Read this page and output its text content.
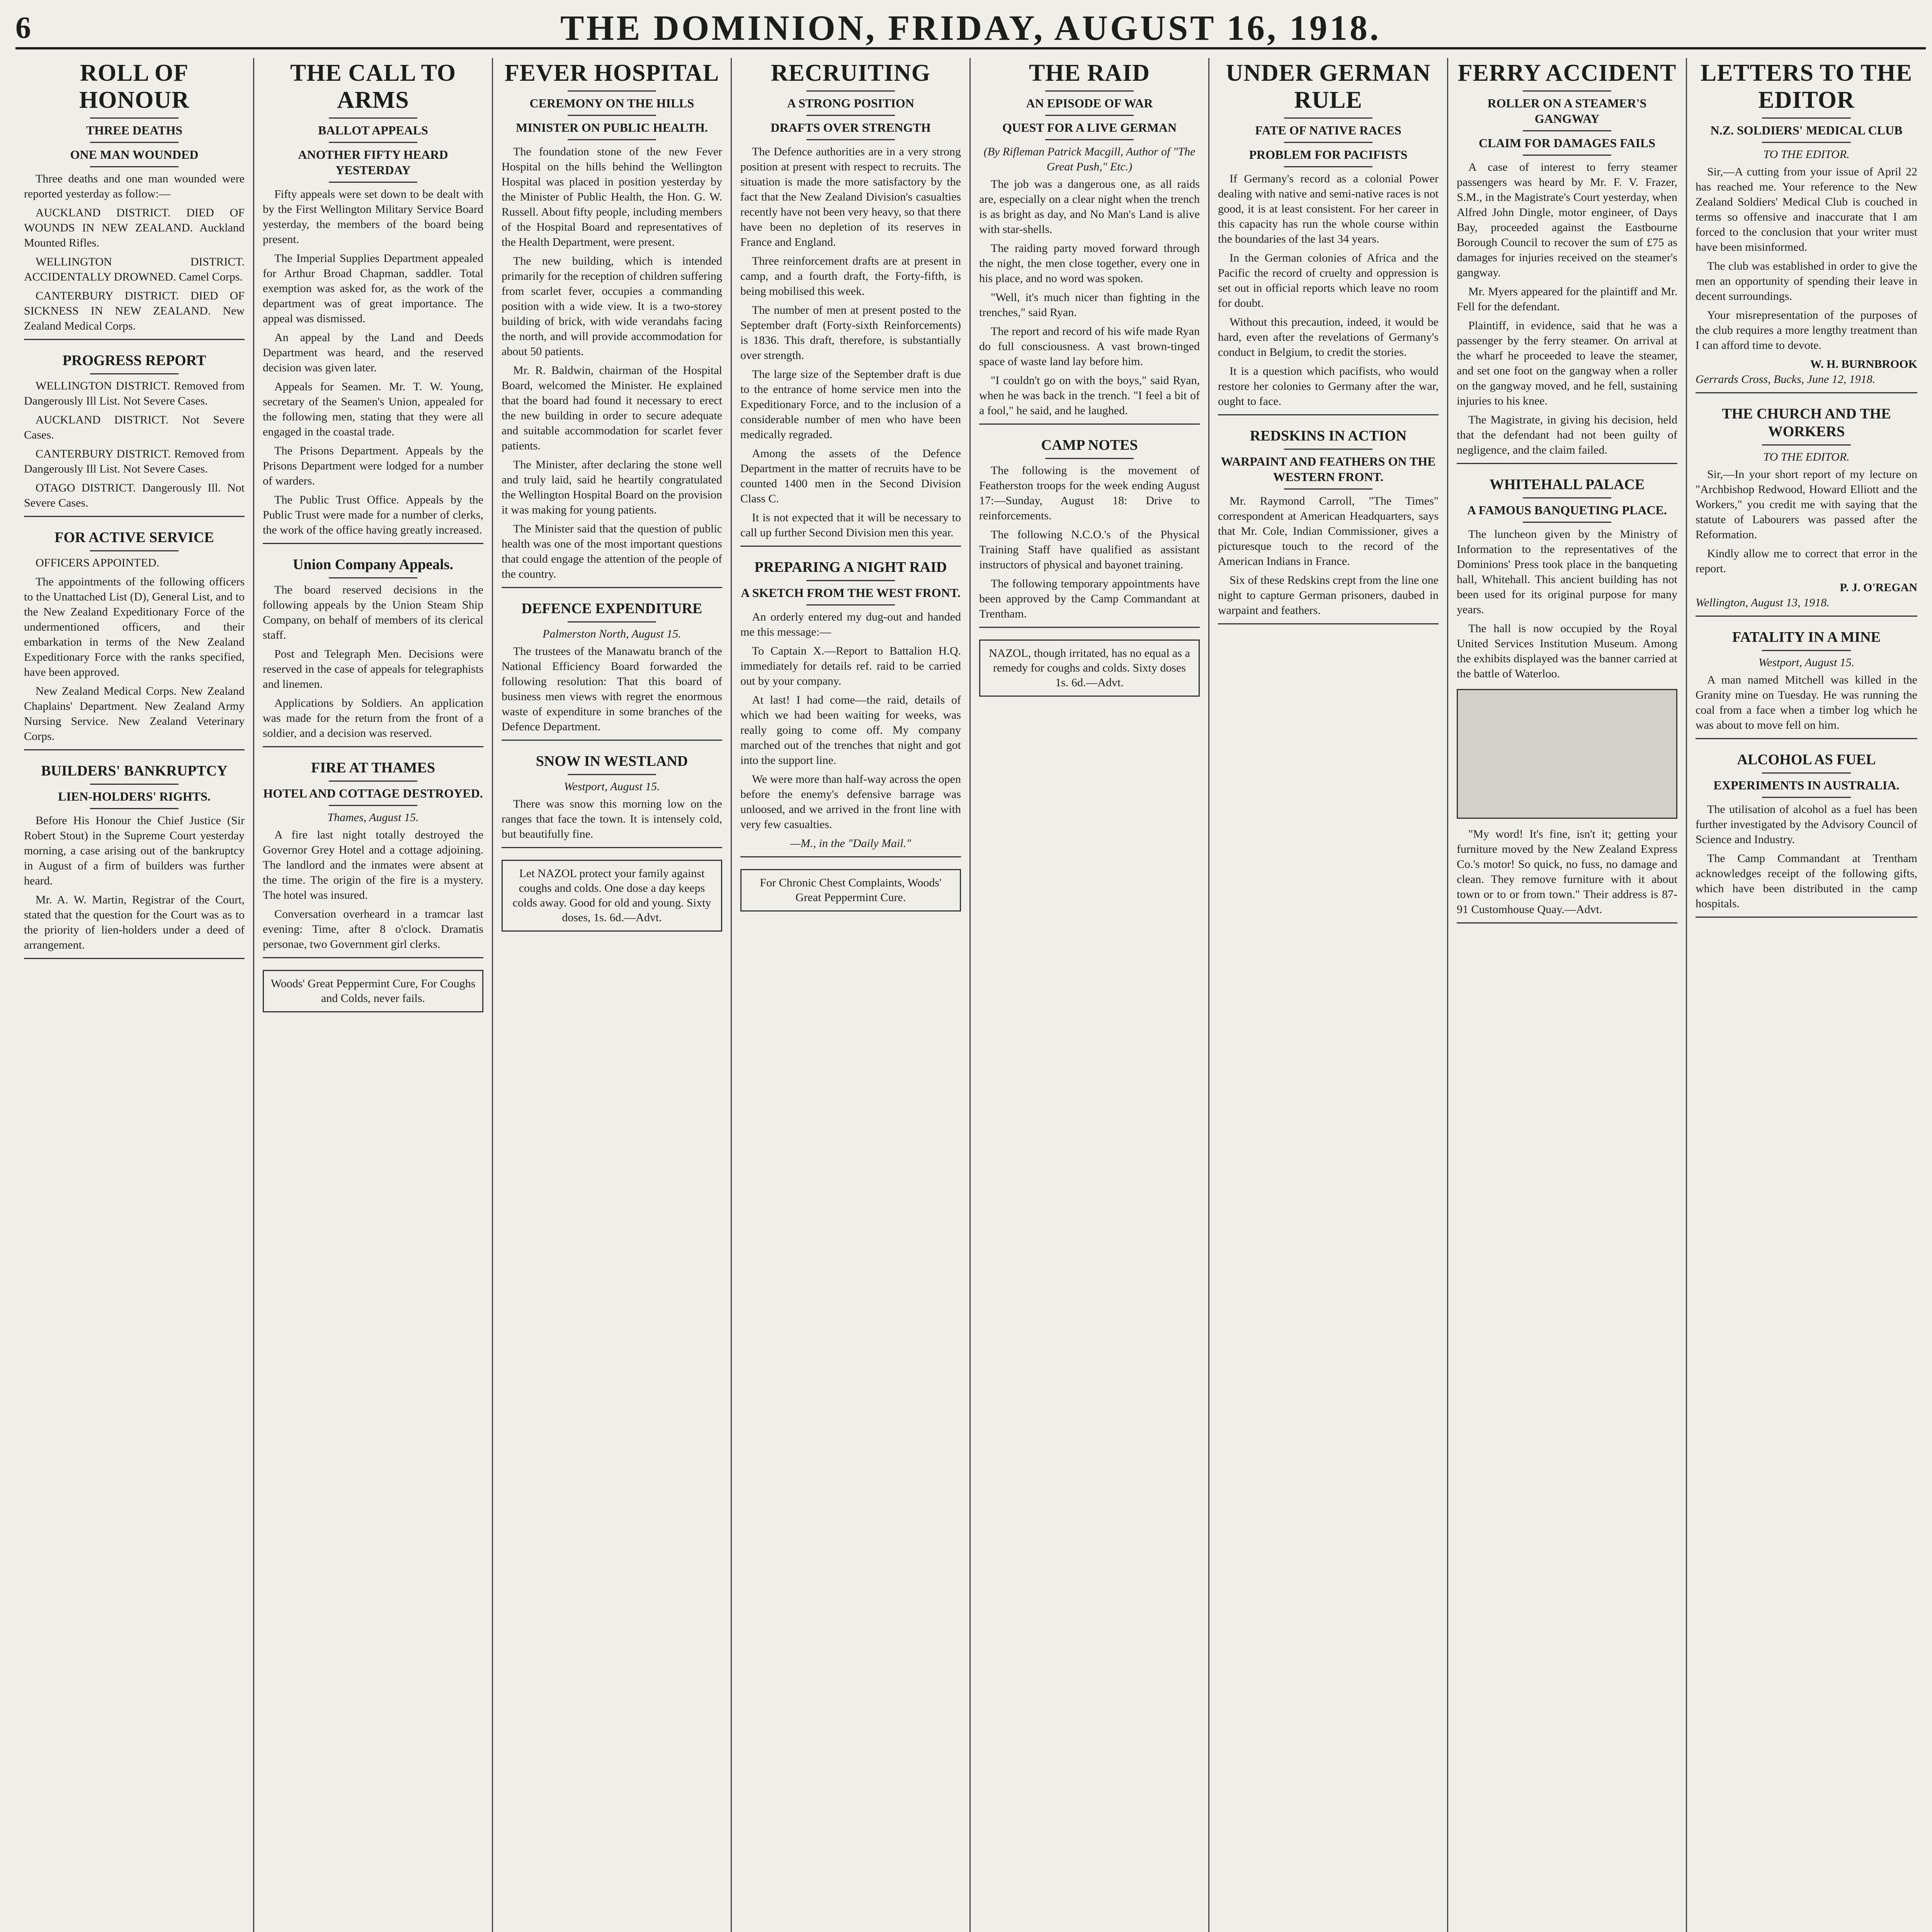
6	THE DOMINION, FRIDAY, AUGUST 16, 1918.
ROLL OF HONOUR
THREE DEATHS
ONE MAN WOUNDED

Three deaths and one man wounded were reported yesterday as follow:—

AUCKLAND DISTRICT. DIED OF WOUNDS IN NEW ZEALAND. Auckland Mounted Rifles.

WELLINGTON DISTRICT. ACCIDENTALLY DROWNED. Camel Corps.

CANTERBURY DISTRICT. DIED OF SICKNESS IN NEW ZEALAND. New Zealand Medical Corps.

PROGRESS REPORT

WELLINGTON DISTRICT. Removed from Dangerously Ill List. Not Severe Cases.

AUCKLAND DISTRICT. Not Severe Cases.

CANTERBURY DISTRICT. Removed from Dangerously Ill List. Not Severe Cases.

OTAGO DISTRICT. Dangerously Ill. Not Severe Cases.

FOR ACTIVE SERVICE

OFFICERS APPOINTED.

The appointments of the following officers to the Unattached List (D), General List, and to the New Zealand Expeditionary Force of the undermentioned officers, and their embarkation in terms of the New Zealand Expeditionary Force with the ranks specified, have been approved.

New Zealand Medical Corps. New Zealand Chaplains' Department. New Zealand Army Nursing Service. New Zealand Veterinary Corps.

BUILDERS' BANKRUPTCY
LIEN-HOLDERS' RIGHTS.

Before His Honour the Chief Justice (Sir Robert Stout) in the Supreme Court yesterday morning, a case arising out of the bankruptcy in August of a firm of builders was further heard.

Mr. A. W. Martin, Registrar of the Court, stated that the question for the Court was as to the priority of lien-holders under a deed of arrangement.

THE CALL TO ARMS
BALLOT APPEALS
ANOTHER FIFTY HEARD YESTERDAY

Fifty appeals were set down to be dealt with by the First Wellington Military Service Board yesterday, the members of the board being present.

The Imperial Supplies Department appealed for Arthur Broad Chapman, saddler. Total exemption was asked for, as the work of the department was of great importance. The appeal was dismissed.

An appeal by the Land and Deeds Department was heard, and the reserved decision was given later.

Appeals for Seamen. Mr. T. W. Young, secretary of the Seamen's Union, appealed for the following men, stating that they were all engaged in the coastal trade.

The Prisons Department. Appeals by the Prisons Department were lodged for a number of warders.

The Public Trust Office. Appeals by the Public Trust were made for a number of clerks, the work of the office having greatly increased.

Union Company Appeals.

The board reserved decisions in the following appeals by the Union Steam Ship Company, on behalf of members of its clerical staff.

Post and Telegraph Men. Decisions were reserved in the case of appeals for telegraphists and linemen.

Applications by Soldiers. An application was made for the return from the front of a soldier, and a decision was reserved.

FIRE AT THAMES
HOTEL AND COTTAGE DESTROYED.
Thames, August 15.

A fire last night totally destroyed the Governor Grey Hotel and a cottage adjoining. The landlord and the inmates were absent at the time. The origin of the fire is a mystery. The hotel was insured.

Conversation overheard in a tramcar last evening: Time, after 8 o'clock. Dramatis personae, two Government girl clerks.

Woods' Great Peppermint Cure, For Coughs and Colds, never fails.
FEVER HOSPITAL
CEREMONY ON THE HILLS
MINISTER ON PUBLIC HEALTH.

The foundation stone of the new Fever Hospital on the hills behind the Wellington Hospital was placed in position yesterday by the Minister of Public Health, the Hon. G. W. Russell. About fifty people, including members of the Hospital Board and representatives of the Health Department, were present.

The new building, which is intended primarily for the reception of children suffering from scarlet fever, occupies a commanding position with a wide view. It is a two-storey building of brick, with wide verandahs facing the north, and will provide accommodation for about 50 patients.

Mr. R. Baldwin, chairman of the Hospital Board, welcomed the Minister. He explained that the board had found it necessary to erect the new building in order to secure adequate and suitable accommodation for scarlet fever patients.

The Minister, after declaring the stone well and truly laid, said he heartily congratulated the Wellington Hospital Board on the provision it was making for young patients.

The Minister said that the question of public health was one of the most important questions that could engage the attention of the people of the country.

DEFENCE EXPENDITURE
Palmerston North, August 15.

The trustees of the Manawatu branch of the National Efficiency Board forwarded the following resolution: That this board of business men views with regret the enormous waste of expenditure in some branches of the Defence Department.

SNOW IN WESTLAND
Westport, August 15.

There was snow this morning low on the ranges that face the town. It is intensely cold, but beautifully fine.

Let NAZOL protect your family against coughs and colds. One dose a day keeps colds away. Good for old and young. Sixty doses, 1s. 6d.—Advt.
RECRUITING
A STRONG POSITION
DRAFTS OVER STRENGTH

The Defence authorities are in a very strong position at present with respect to recruits. The situation is made the more satisfactory by the fact that the New Zealand Division's casualties recently have not been very heavy, so that there have been no depletion of its reserves in France and England.

Three reinforcement drafts are at present in camp, and a fourth draft, the Forty-fifth, is being mobilised this week.

The number of men at present posted to the September draft (Forty-sixth Reinforcements) is 1836. This draft, therefore, is substantially over strength.

The large size of the September draft is due to the entrance of home service men into the Expeditionary Force, and to the inclusion of a considerable number of men who have been medically regraded.

Among the assets of the Defence Department in the matter of recruits have to be counted 1400 men in the Second Division Class C.

It is not expected that it will be necessary to call up further Second Division men this year.

PREPARING A NIGHT RAID
A SKETCH FROM THE WEST FRONT.

An orderly entered my dug-out and handed me this message:—

To Captain X.—Report to Battalion H.Q. immediately for details ref. raid to be carried out by your company.

At last! I had come—the raid, details of which we had been waiting for weeks, was really going to come off. My company marched out of the trenches that night and got into the support line.

We were more than half-way across the open before the enemy's defensive barrage was unloosed, and we arrived in the front line with very few casualties.

—M., in the "Daily Mail."
For Chronic Chest Complaints, Woods' Great Peppermint Cure.
THE RAID
AN EPISODE OF WAR
QUEST FOR A LIVE GERMAN
(By Rifleman Patrick Macgill, Author of "The Great Push," Etc.)

The job was a dangerous one, as all raids are, especially on a clear night when the trench is as bright as day, and No Man's Land is alive with star-shells.

The raiding party moved forward through the night, the men close together, every one in his place, and no word was spoken.

"Well, it's much nicer than fighting in the trenches," said Ryan.

The report and record of his wife made Ryan do full consciousness. A vast brown-tinged space of waste land lay before him.

"I couldn't go on with the boys," said Ryan, when he was back in the trench. "I feel a bit of a fool," he said, and he laughed.

CAMP NOTES

The following is the movement of Featherston troops for the week ending August 17:—Sunday, August 18: Drive to reinforcements.

The following N.C.O.'s of the Physical Training Staff have qualified as assistant instructors of physical and bayonet training.

The following temporary appointments have been approved by the Camp Commandant at Trentham.

NAZOL, though irritated, has no equal as a remedy for coughs and colds. Sixty doses 1s. 6d.—Advt.
UNDER GERMAN RULE
FATE OF NATIVE RACES
PROBLEM FOR PACIFISTS

If Germany's record as a colonial Power dealing with native and semi-native races is not good, it is at least consistent. For her career in this capacity has run the whole course within the boundaries of the last 34 years.

In the German colonies of Africa and the Pacific the record of cruelty and oppression is set out in official reports which leave no room for doubt.

Without this precaution, indeed, it would be hard, even after the revelations of Germany's conduct in Belgium, to credit the stories.

It is a question which pacifists, who would restore her colonies to Germany after the war, ought to face.

REDSKINS IN ACTION
WARPAINT AND FEATHERS ON THE WESTERN FRONT.

Mr. Raymond Carroll, "The Times" correspondent at American Headquarters, says that Mr. Cole, Indian Commissioner, gives a picturesque touch to the record of the American Indians in France.

Six of these Redskins crept from the line one night to capture German prisoners, daubed in warpaint and feathers.

FERRY ACCIDENT
ROLLER ON A STEAMER'S GANGWAY
CLAIM FOR DAMAGES FAILS

A case of interest to ferry steamer passengers was heard by Mr. F. V. Frazer, S.M., in the Magistrate's Court yesterday, when Alfred John Dingle, motor engineer, of Days Bay, proceeded against the Eastbourne Borough Council to recover the sum of £75 as damages for injuries received on the steamer's gangway.

Mr. Myers appeared for the plaintiff and Mr. Fell for the defendant.

Plaintiff, in evidence, said that he was a passenger by the ferry steamer. On arrival at the wharf he proceeded to leave the steamer, and set one foot on the gangway when a roller on the gangway moved, and he fell, sustaining injuries to his knee.

The Magistrate, in giving his decision, held that the defendant had not been guilty of negligence, and the claim failed.

WHITEHALL PALACE
A FAMOUS BANQUETING PLACE.

The luncheon given by the Ministry of Information to the representatives of the Dominions' Press took place in the banqueting hall, Whitehall. This ancient building has not been used for its original purpose for many years.

The hall is now occupied by the Royal United Services Institution Museum. Among the exhibits displayed was the banner carried at the battle of Waterloo.

"My word! It's fine, isn't it; getting your furniture moved by the New Zealand Express Co.'s motor! So quick, no fuss, no damage and clean. They remove furniture with it about town or to or from town." Their address is 87-91 Customhouse Quay.—Advt.

LETTERS TO THE EDITOR
N.Z. SOLDIERS' MEDICAL CLUB
TO THE EDITOR.

Sir,—A cutting from your issue of April 22 has reached me. Your reference to the New Zealand Soldiers' Medical Club is couched in terms so offensive and inaccurate that I am forced to the conclusion that your writer must have been misinformed.

The club was established in order to give the men an opportunity of spending their leave in decent surroundings.

Your misrepresentation of the purposes of the club requires a more lengthy treatment than I can afford time to devote.

W. H. BURNBROOK
Gerrards Cross, Bucks, June 12, 1918.
THE CHURCH AND THE WORKERS
TO THE EDITOR.

Sir,—In your short report of my lecture on "Archbishop Redwood, Howard Elliott and the Workers," you credit me with saying that the statute of Labourers was passed after the Reformation.

Kindly allow me to correct that error in the report.

P. J. O'REGAN
Wellington, August 13, 1918.
FATALITY IN A MINE
Westport, August 15.

A man named Mitchell was killed in the Granity mine on Tuesday. He was running the coal from a face when a timber log which he was about to move fell on him.

ALCOHOL AS FUEL
EXPERIMENTS IN AUSTRALIA.

The utilisation of alcohol as a fuel has been further investigated by the Advisory Council of Science and Industry.

The Camp Commandant at Trentham acknowledges receipt of the following gifts, which have been distributed in the camp hospitals.
